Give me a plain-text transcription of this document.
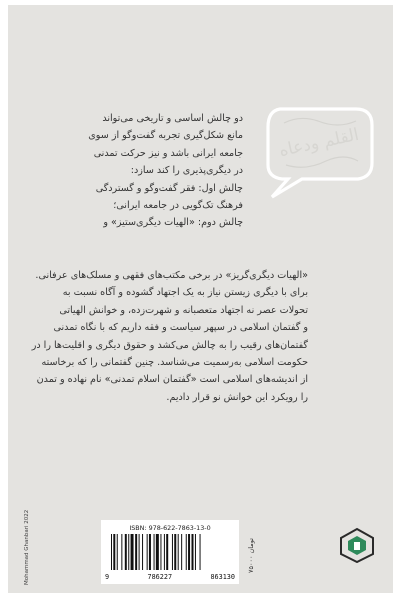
القلم ودعاه
دو چالش اساسی و تاریخی می‌تواند
مانع شکل‌گیری تجربه گفت‌وگو از سوی
جامعه ایرانی باشد و نیز حرکت تمدنی
در دیگری‌پذیری را کند سازد:
چالش اول: فقر گفت‌وگو و گستردگی
فرهنگ تک‌گویی در جامعه ایرانی؛
چالش دوم: «الهیات دیگری‌ستیز» و
«الهیات دیگری‌گریز» در برخی مکتب‌های فقهی و مسلک‌های عرفانی.
برای با دیگری زیستن نیاز به یک اجتهاد گشوده و آگاه نسبت به
تحولات عصر نه اجتهاد متعصبانه و شهرت‌زده، و خوانش الهیاتی
و گفتمان اسلامی در سپهر سیاست و فقه داریم که با نگاه تمدنی
گفتمان‌های رقیب را به چالش می‌کشد و حقوق دیگری و اقلیت‌ها را در
حکومت اسلامی به‌رسمیت می‌شناسد. چنین گفتمانی را که برخاسته
از اندیشه‌های اسلامی است «گفتمان اسلام تمدنی» نام نهاده و تمدن
را رویکرد این خوانش نو قرار دادیم.
Mohammad Ghanbari 2022	ISBN: 978-622-7863-13-0
9	786227	863130
۷۵۰۰۰ تومان
